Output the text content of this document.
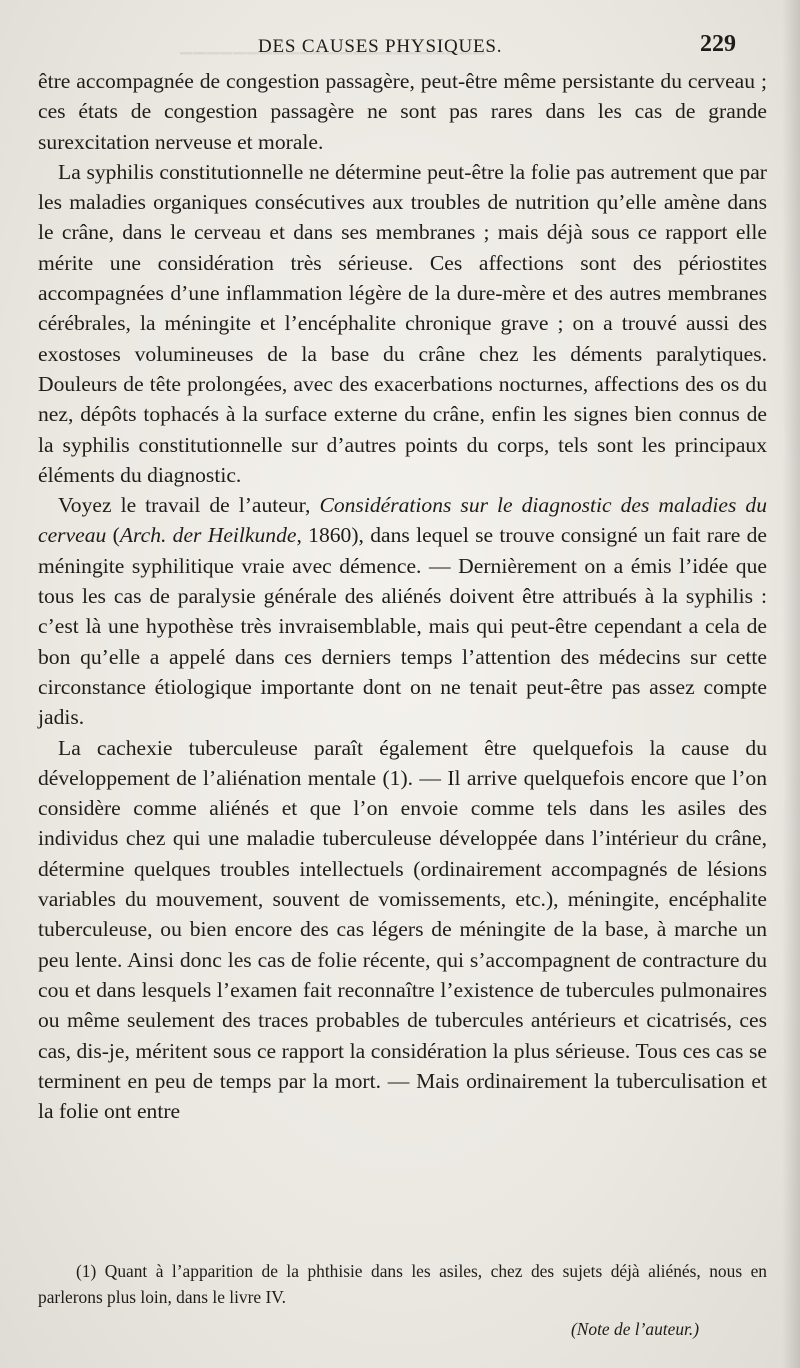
▔▔▔▔▔▔▔▔▔▔▔▔▔▔▔▔▔▔▔▔▔▔▔
DES CAUSES PHYSIQUES.	229

être accompagnée de congestion passagère, peut-être même persistante du cerveau ; ces états de congestion passagère ne sont pas rares dans les cas de grande surexcitation nerveuse et morale.

La syphilis constitutionnelle ne détermine peut-être la folie pas autrement que par les maladies organiques consécutives aux troubles de nutrition qu’elle amène dans le crâne, dans le cerveau et dans ses membranes ; mais déjà sous ce rapport elle mérite une considération très sérieuse. Ces affections sont des périostites accompagnées d’une inflammation légère de la dure-mère et des autres membranes cérébrales, la méningite et l’encéphalite chronique grave ; on a trouvé aussi des exostoses volumineuses de la base du crâne chez les déments paralytiques. Douleurs de tête prolongées, avec des exacerbations nocturnes, affections des os du nez, dépôts tophacés à la surface externe du crâne, enfin les signes bien connus de la syphilis constitutionnelle sur d’autres points du corps, tels sont les principaux éléments du diagnostic.

Voyez le travail de l’auteur, Considérations sur le diagnostic des maladies du cerveau (Arch. der Heilkunde, 1860), dans lequel se trouve consigné un fait rare de méningite syphilitique vraie avec démence. — Dernièrement on a émis l’idée que tous les cas de paralysie générale des aliénés doivent être attribués à la syphilis : c’est là une hypothèse très invraisemblable, mais qui peut-être cependant a cela de bon qu’elle a appelé dans ces derniers temps l’attention des médecins sur cette circonstance étiologique importante dont on ne tenait peut-être pas assez compte jadis.

La cachexie tuberculeuse paraît également être quelquefois la cause du développement de l’aliénation mentale (1). — Il arrive quelquefois encore que l’on considère comme aliénés et que l’on envoie comme tels dans les asiles des individus chez qui une maladie tuberculeuse développée dans l’intérieur du crâne, détermine quelques troubles intellectuels (ordinairement accompagnés de lésions variables du mouvement, souvent de vomissements, etc.), méningite, encéphalite tuberculeuse, ou bien encore des cas légers de méningite de la base, à marche un peu lente. Ainsi donc les cas de folie récente, qui s’accompagnent de contracture du cou et dans lesquels l’examen fait reconnaître l’existence de tubercules pulmonaires ou même seulement des traces probables de tubercules antérieurs et cicatrisés, ces cas, dis-je, méritent sous ce rapport la considération la plus sérieuse. Tous ces cas se terminent en peu de temps par la mort. — Mais ordinairement la tuberculisation et la folie ont entre

(1) Quant à l’apparition de la phthisie dans les asiles, chez des sujets déjà aliénés, nous en parlerons plus loin, dans le livre IV.

(Note de l’auteur.)
